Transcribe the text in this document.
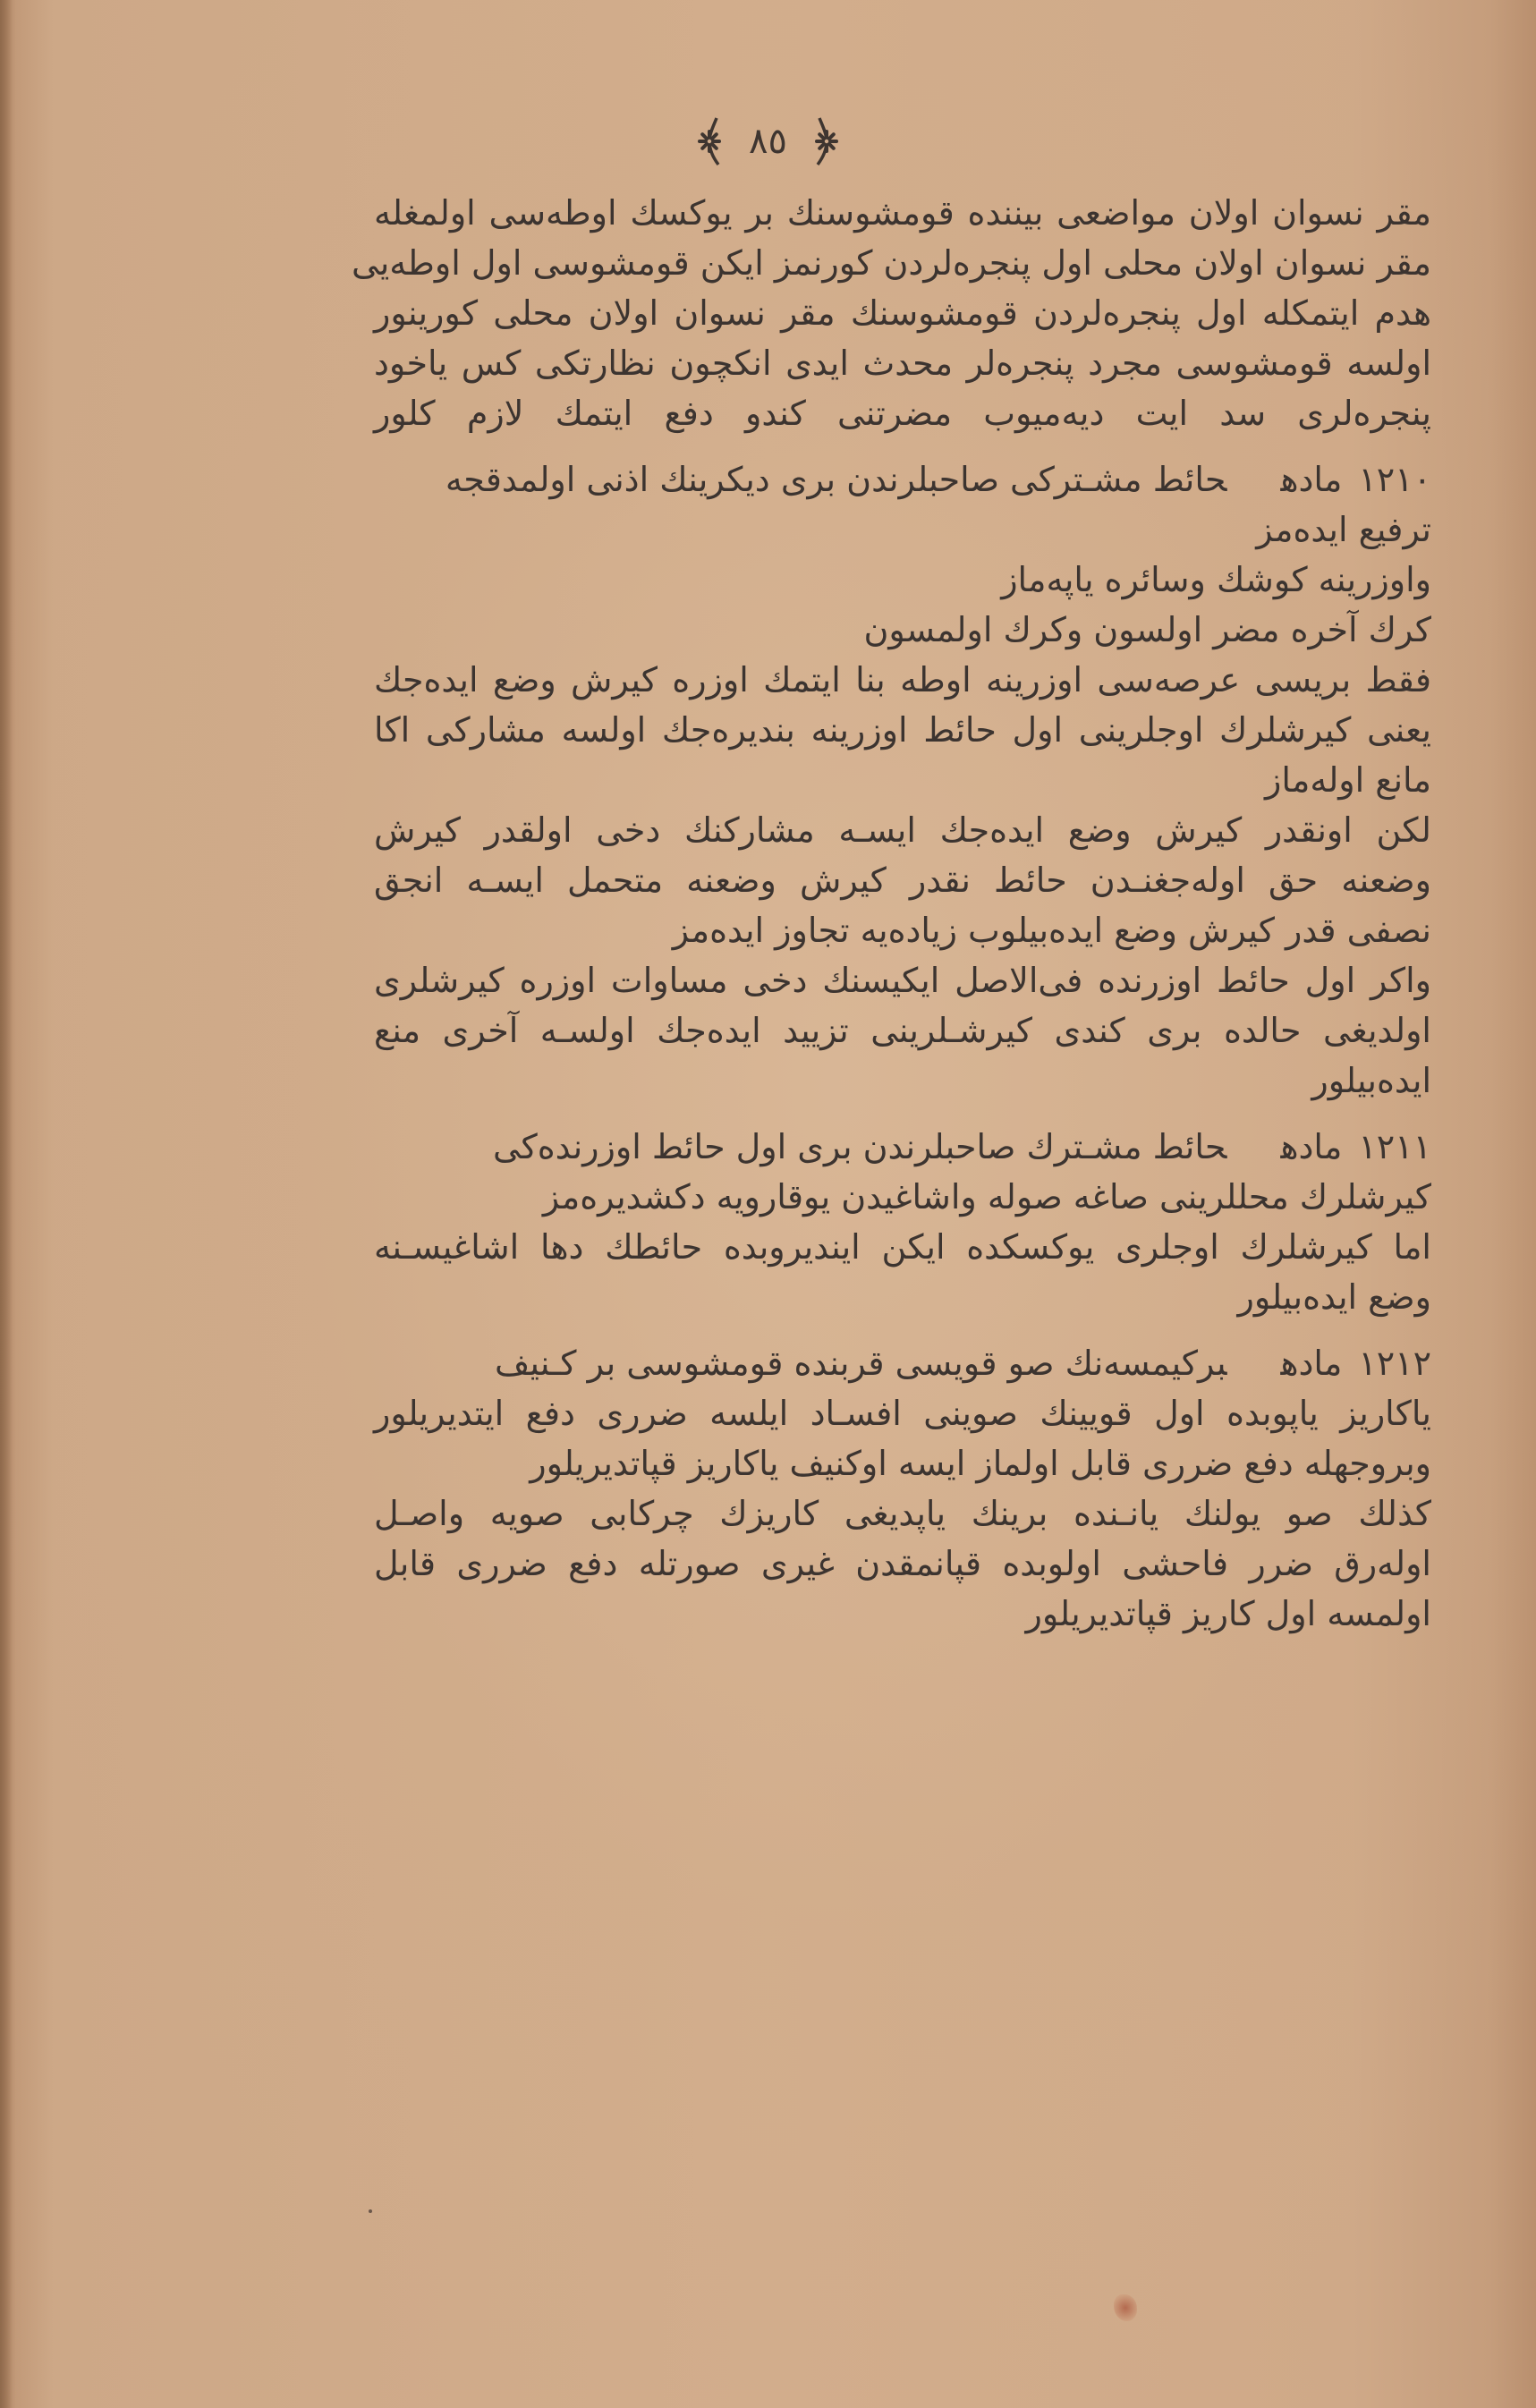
٨٥
مقر نسوان اولان مواضعی بیننده قومشوسنك بر یوکسك اوطه‌سی اولمغله
مقر نسوان اولان محلی اول پنجره‌لردن کورنمز ایکن قومشوسی اول اوطه‌یی
هدم ایتمکله اول پنجره‌لردن قومشوسنك مقر نسوان اولان محلی کورینور
اولسه قومشوسی مجرد پنجره‌لر محدث ایدی انکچون نظارتکی کس یاخود
پنجره‌لری سد ایت دیه‌میوب مضرتنی کندو دفع ایتمك لازم کلور
١٢١٠مادهحائط مشـترکی صاحبلرندن بری دیکرینك اذنی اولمدقجه
ترفیع ایده‌مز
واوزرینه کوشك وسائره یاپه‌ماز
کرك آخره مضر اولسون وکرك اولمسون
فقط بریسی عرصه‌سی اوزرینه اوطه بنا ایتمك اوزره کیرش وضع ایده‌جك
یعنی کیرشلرك اوجلرینی اول حائط اوزرینه بندیره‌جك اولسه مشارکی اکا
مانع اوله‌ماز
لکن اونقدر کیرش وضع ایده‌جك ایسـه مشارکنك دخی اولقدر کیرش
وضعنه حق اوله‌جغنـدن حائط نقدر کیرش وضعنه متحمل ایسـه انجق
نصفی قدر کیرش وضع ایده‌بیلوب زیاده‌یه تجاوز ایده‌مز
واکر اول حائط اوزرنده فی‌الاصل ایکیسنك دخی مساوات اوزره کیرشلری
اولدیغی حالده بری کندی کیرشـلرینی تزیید ایده‌جك اولسـه آخری منع
ایده‌بیلور
١٢١١مادهحائط مشـترك صاحبلرندن بری اول حائط اوزرنده‌کی
کیرشلرك محللرینی صاغه صوله واشاغیدن یوقارویه دکشدیره‌مز
اما کیرشلرك اوجلری یوکسکده ایکن ایندیروبده حائطك دها اشاغیسـنه
وضع ایده‌بیلور
١٢١٢مادهبرکیمسه‌نك صو قویسی قربنده قومشوسی بر کـنیف
یاکاریز یاپوبده اول قویینك صوینی افسـاد ایلسه ضرری دفع ایتدیریلور
وبروجهله دفع ضرری قابل اولماز ایسه اوکنیف یاکاریز قپاتدیریلور
کذلك صو یولنك یانـنده برینك یاپدیغی کاریزك چرکابی صویه واصـل
اوله‌رق ضرر فاحشی اولوبده قپانمقدن غیری صورتله دفع ضرری قابل
اولمسه اول کاریز قپاتدیریلور
